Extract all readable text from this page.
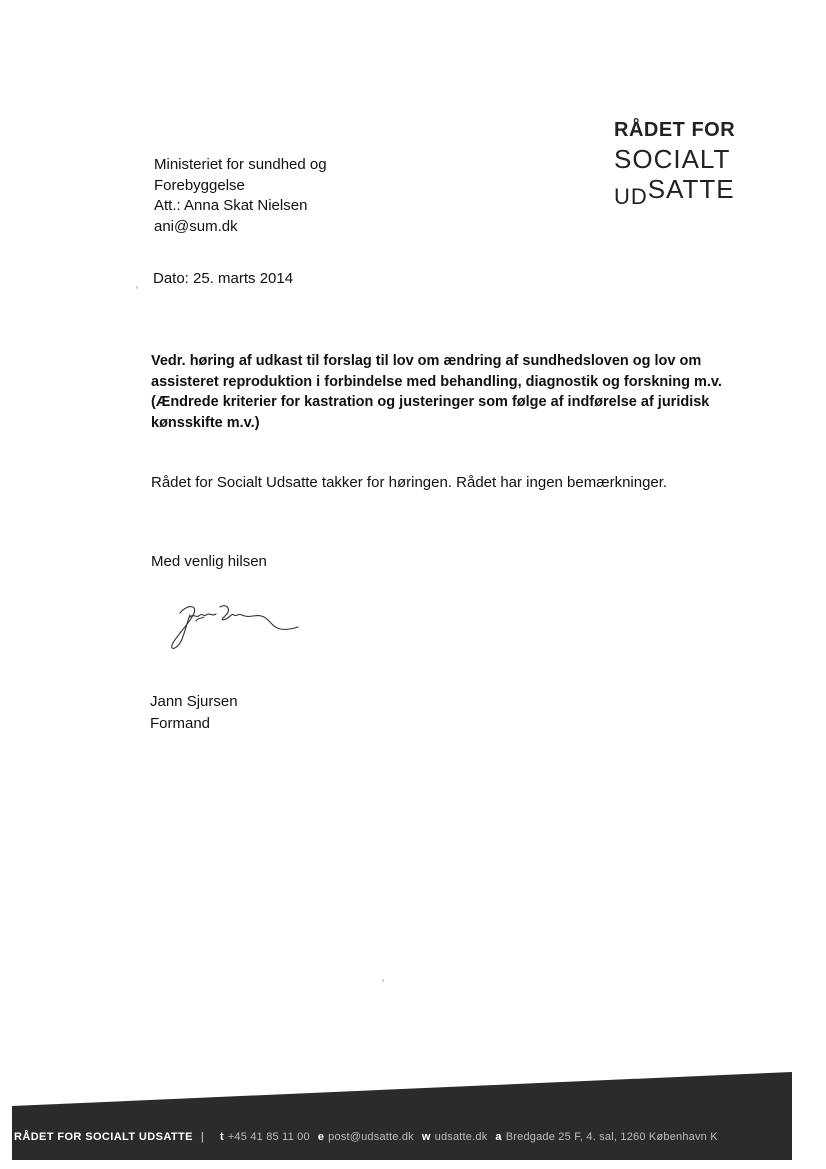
RÅDET FOR
SOCIALT
$_{UD}$SATTE
Ministeriet for sundhed og
Forebyggelse
Att.: Anna Skat Nielsen
ani@sum.dk
Dato: 25. marts 2014
Vedr. høring af udkast til forslag til lov om ændring af sundhedsloven og lov om
assisteret reproduktion i forbindelse med behandling, diagnostik og forskning m.v.
(Ændrede kriterier for kastration og justeringer som følge af indførelse af juridisk
kønsskifte m.v.)
Rådet for Socialt Udsatte takker for høringen. Rådet har ingen bemærkninger.
Med venlig hilsen
Jann Sjursen
Formand
RÅDET FOR SOCIALT UDSATTE | t +45 41 85 11 00 e post@udsatte.dk w udsatte.dk a Bredgade 25 F, 4. sal, 1260 København K
